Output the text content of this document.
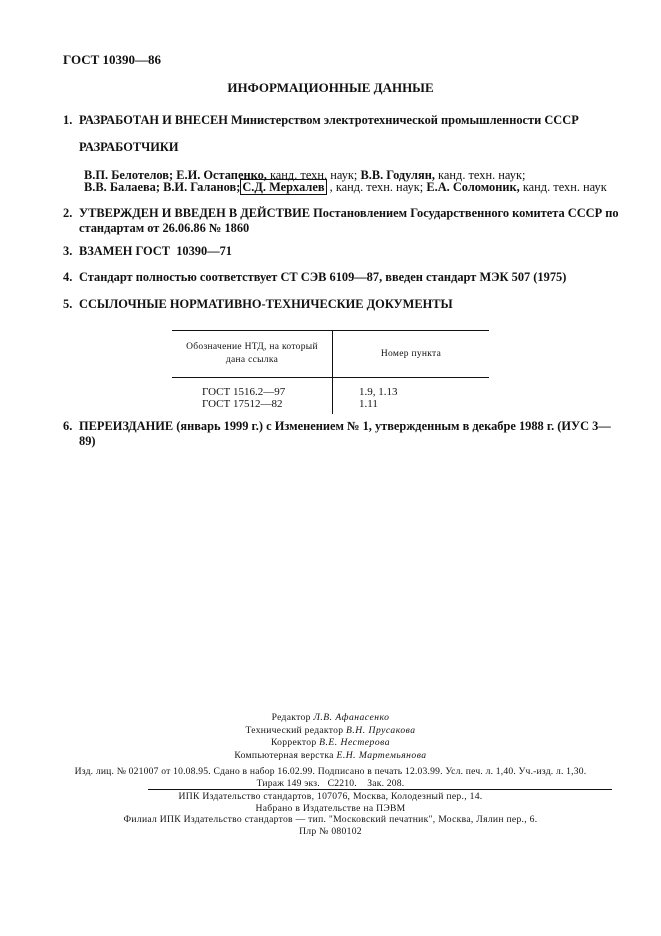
ГОСТ 10390—86
ИНФОРМАЦИОННЫЕ ДАННЫЕ
1. РАЗРАБОТАН И ВНЕСЕН Министерством электротехнической промышленности СССР
РАЗРАБОТЧИКИ
В.П. Белотелов; Е.И. Остапенко, канд. техн. наук; В.В. Годулян, канд. техн. наук;
В.В. Балаева; В.И. Галанов; С.Д. Мерхалев , канд. техн. наук; Е.А. Соломоник, канд. техн. наук
2. УТВЕРЖДЕН И ВВЕДЕН В ДЕЙСТВИЕ Постановлением Государственного комитета СССР по стандартам от 26.06.86 № 1860
3. ВЗАМЕН ГОСТ  10390—71
4. Стандарт полностью соответствует СТ СЭВ 6109—87, введен стандарт МЭК 507 (1975)
5. ССЫЛОЧНЫЕ НОРМАТИВНО-ТЕХНИЧЕСКИЕ ДОКУМЕНТЫ
Обозначение НТД, на который дана ссылка	Номер пункта
ГОСТ 1516.2—97	1.9, 1.13
ГОСТ 17512—82	1.11
6. ПЕРЕИЗДАНИЕ (январь 1999 г.) с Изменением № 1, утвержденным в декабре 1988 г. (ИУС 3—89)
Редактор Л.В. Афанасенко
Технический редактор В.Н. Прусакова
Корректор В.Е. Нестерова
Компьютерная верстка Е.Н. Мартемьянова
Изд. лиц. № 021007 от 10.08.95. Сдано в набор 16.02.99. Подписано в печать 12.03.99. Усл. печ. л. 1,40. Уч.-изд. л. 1,30.
Тираж 149 экз.   С2210.    Зак. 208.
ИПК Издательство стандартов, 107076, Москва, Колодезный пер., 14.
Набрано в Издательстве на ПЭВМ
Филиал ИПК Издательство стандартов — тип. "Московский печатник", Москва, Лялин пер., 6.
Плр № 080102
